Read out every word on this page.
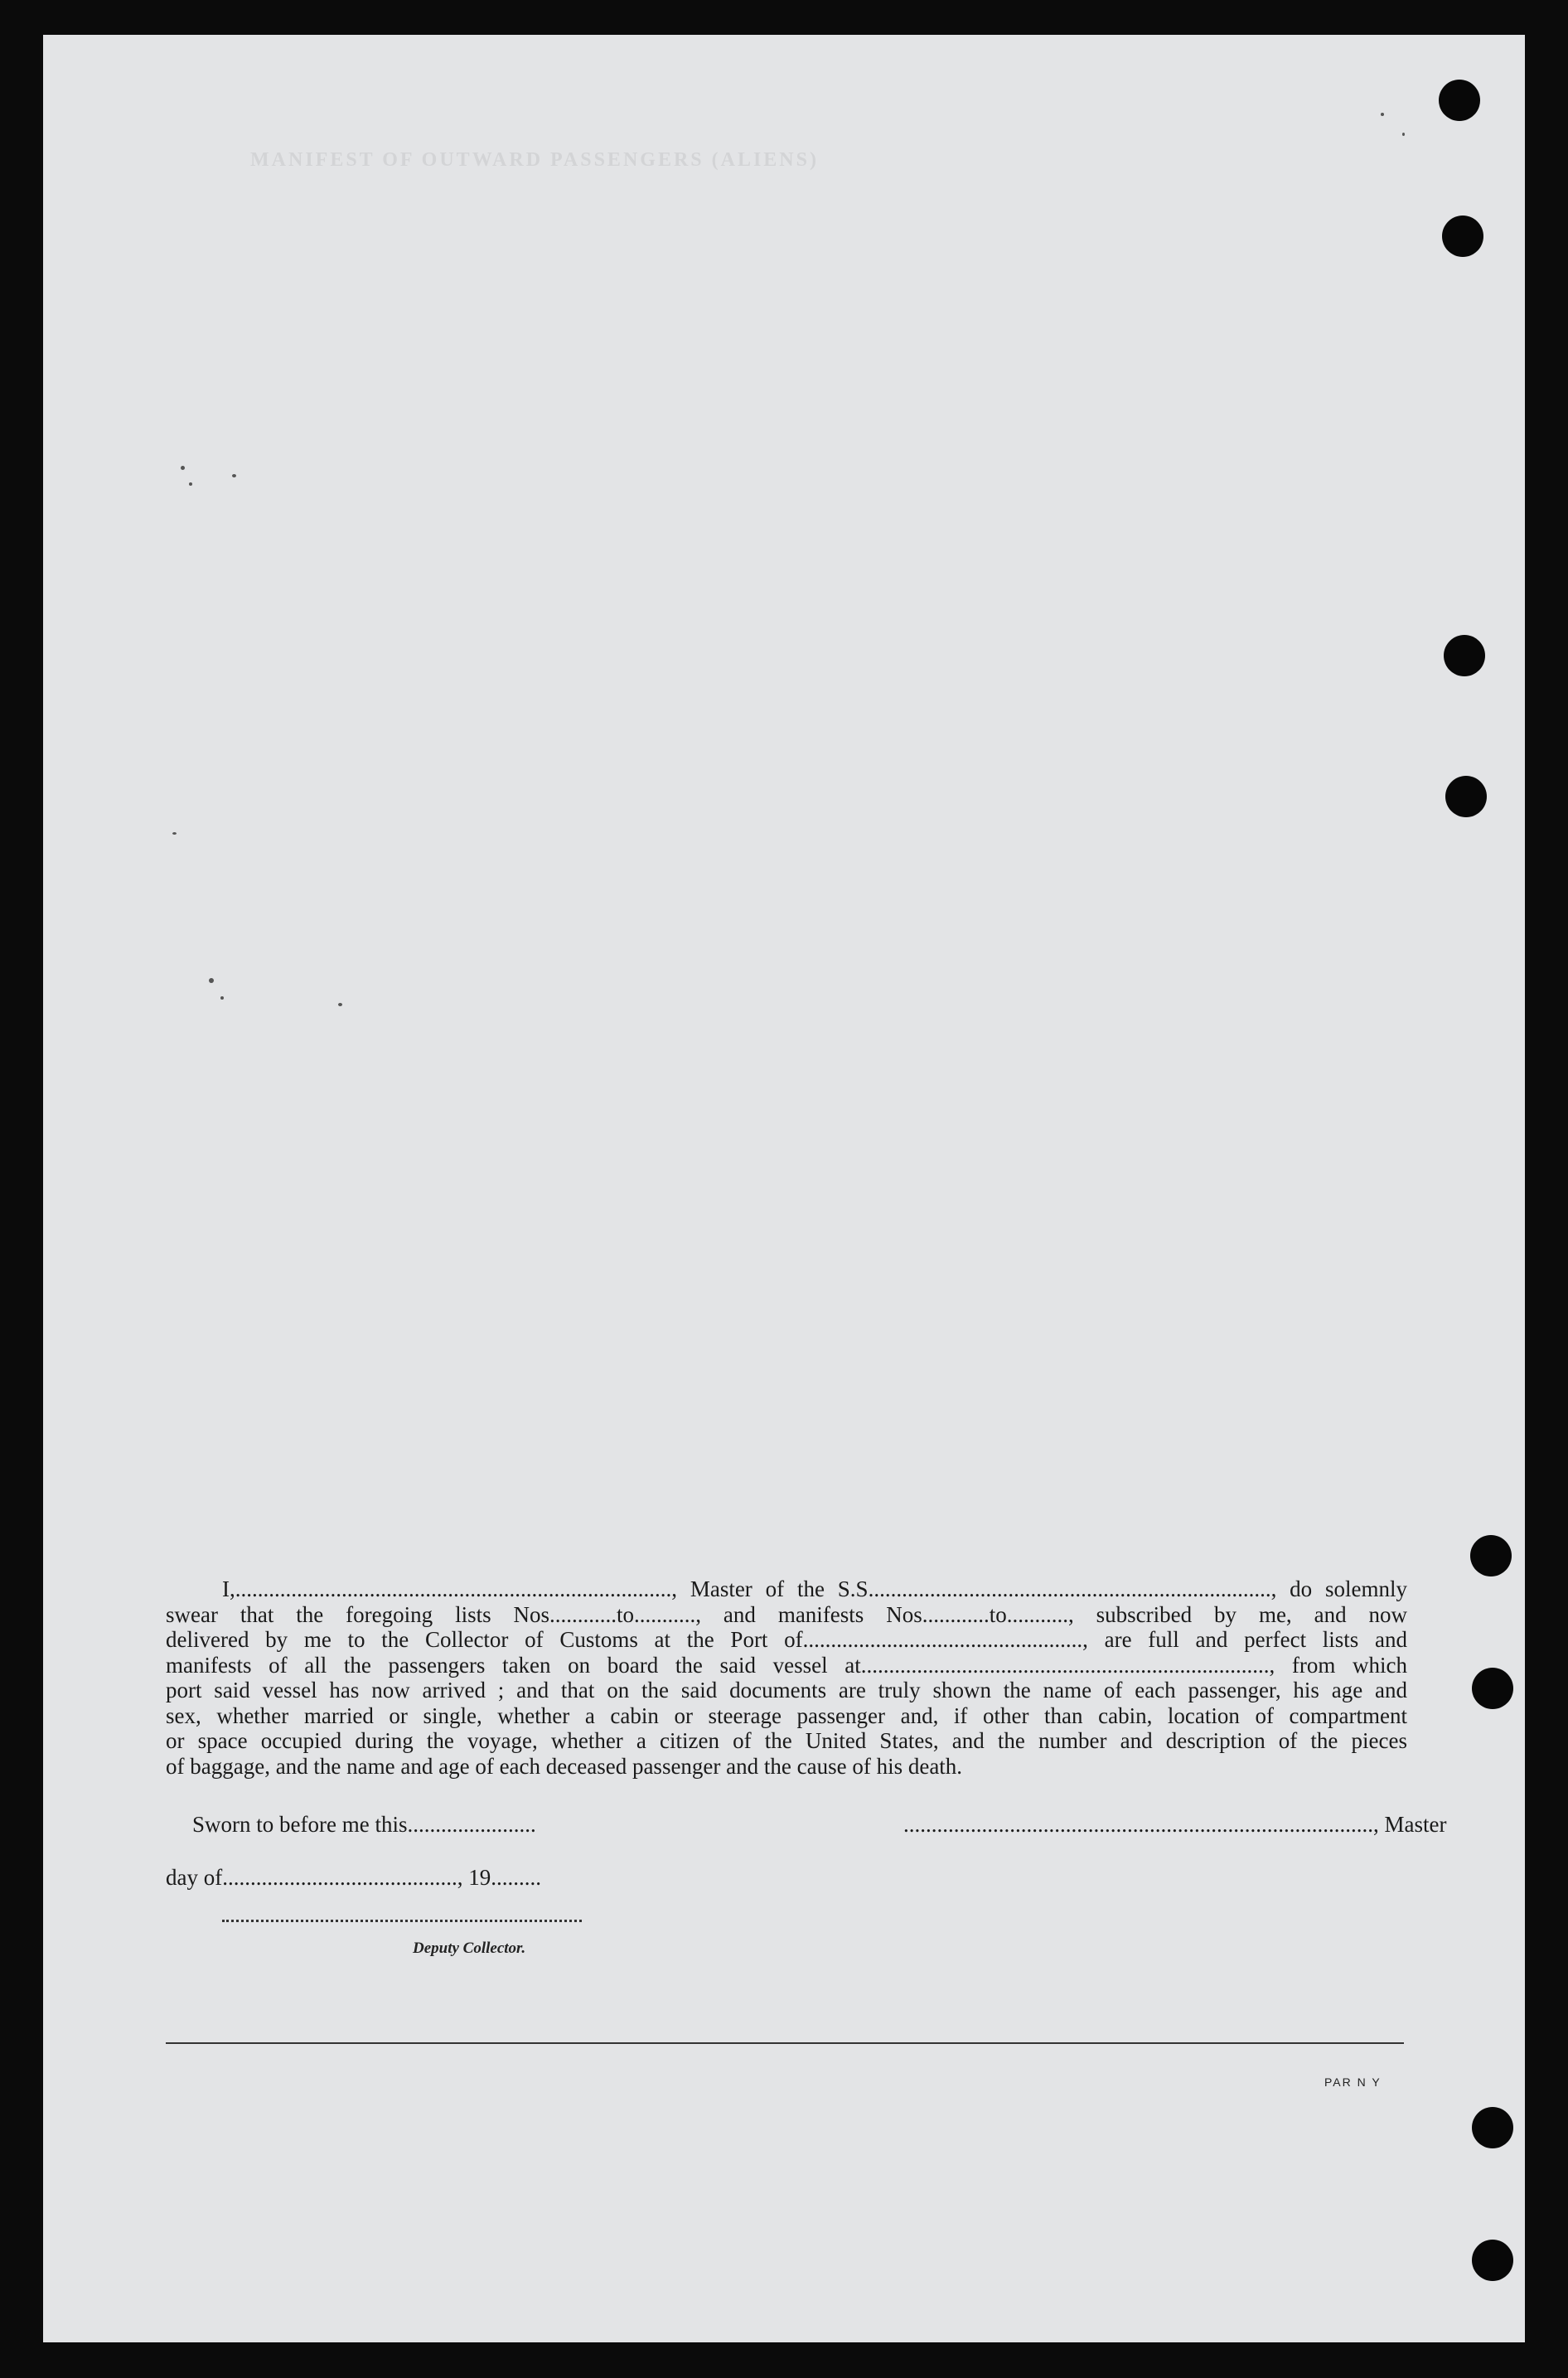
MANIFEST OF OUTWARD PASSENGERS (ALIENS)

I,.............................................................................., Master of the S.S........................................................................, do solemnly

swear that the foregoing lists Nos............to..........., and manifests Nos............to..........., subscribed by me, and now

delivered by me to the Collector of Customs at the Port of.................................................., are full and perfect lists and

manifests of all the passengers taken on board the said vessel at........................................................................., from which

port said vessel has now arrived ; and that on the said documents are truly shown the name of each passenger, his age and

sex, whether married or single, whether a cabin or steerage passenger and, if other than cabin, location of compartment

or space occupied during the voyage, whether a citizen of the United States, and the number and description of the pieces

of baggage, and the name and age of each deceased passenger and the cause of his death.

Sworn to before me this.......................	...................................................................................., Master
day of.........................................., 19.........
Deputy Collector.
PAR N Y
